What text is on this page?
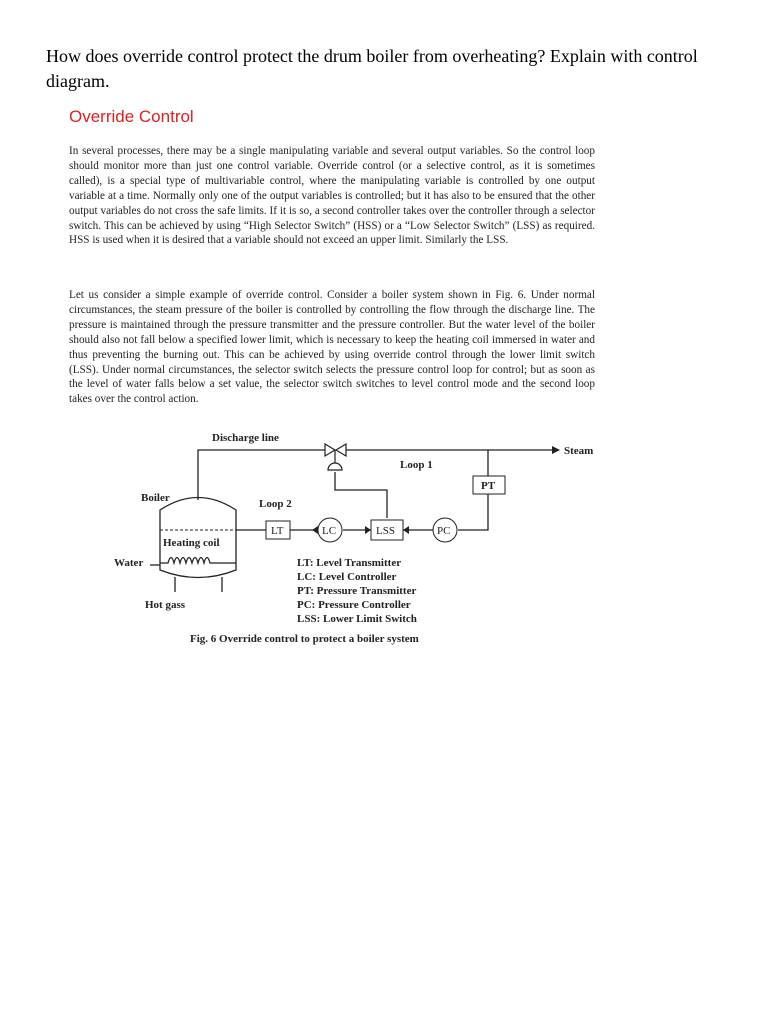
How does override control protect the drum boiler from overheating? Explain with control diagram.
Override Control
In several processes, there may be a single manipulating variable and several output variables. So the control loop should monitor more than just one control variable. Override control (or a selective control, as it is sometimes called), is a special type of multivariable control, where the manipulating variable is controlled by one output variable at a time. Normally only one of the output variables is controlled; but it has also to be ensured that the other output variables do not cross the safe limits. If it is so, a second controller takes over the controller through a selector switch. This can be achieved by using “High Selector Switch” (HSS) or a “Low Selector Switch” (LSS) as required. HSS is used when it is desired that a variable should not exceed an upper limit. Similarly the LSS.
Let us consider a simple example of override control. Consider a boiler system shown in Fig. 6. Under normal circumstances, the steam pressure of the boiler is controlled by controlling the flow through the discharge line. The pressure is maintained through the pressure transmitter and the pressure controller. But the water level of the boiler should also not fall below a specified lower limit, which is necessary to keep the heating coil immersed in water and thus preventing the burning out. This can be achieved by using override control through the lower limit switch (LSS). Under normal circumstances, the selector switch selects the pressure control loop for control; but as soon as the level of water falls below a set value, the selector switch switches to level control mode and the second loop takes over the control action.
Discharge line
Steam
Loop 1
PT
Boiler
Heating coil
Water
Hot gass
Loop 2
LT	LC	LSS	PC
LT: Level Transmitter
LC: Level Controller
PT: Pressure Transmitter
PC: Pressure Controller
LSS: Lower Limit Switch
Fig. 6 Override control to protect a boiler system
